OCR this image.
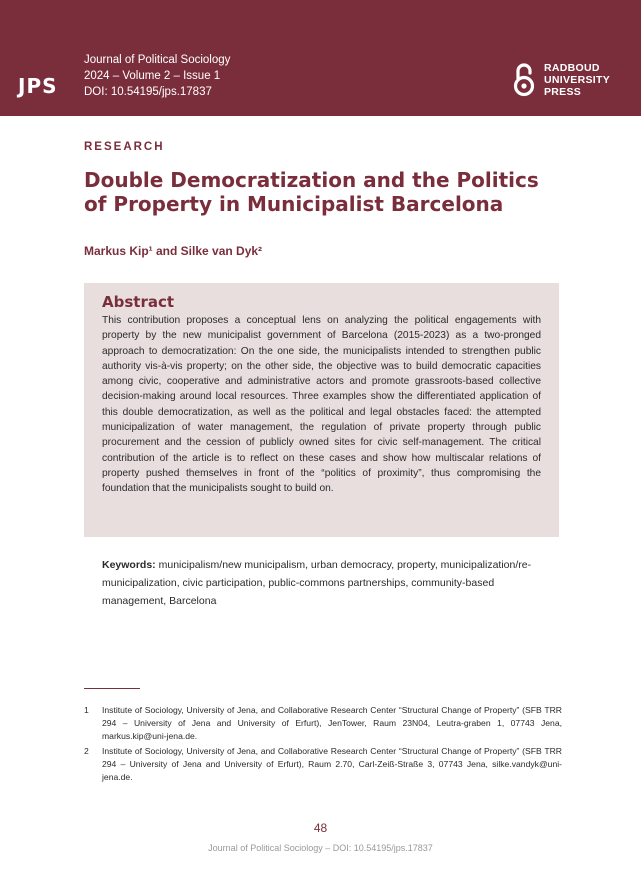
JPS
Journal of Political Sociology
2024 – Volume 2 – Issue 1
DOI: 10.54195/jps.17837
RADBOUD
UNIVERSITY
PRESS
RESEARCH
Double Democratization and the Politics of Property in Municipalist Barcelona
Markus Kip¹ and Silke van Dyk²
Abstract

This contribution proposes a conceptual lens on analyzing the political engagements with property by the new municipalist government of Barcelona (2015-2023) as a two-pronged approach to democratization: On the one side, the municipalists intended to strengthen public authority vis-à-vis property; on the other side, the objective was to build democratic capacities among civic, cooperative and administrative actors and promote grassroots-based collective decision-making around local resources. Three examples show the differentiated application of this double democratization, as well as the political and legal obstacles faced: the attempted municipalization of water management, the regulation of private property through public procurement and the cession of publicly owned sites for civic self-management. The critical contribution of the article is to reflect on these cases and show how multiscalar relations of property pushed themselves in front of the “politics of proximity”, thus compromising the foundation that the municipalists sought to build on.

Keywords: municipalism/new municipalism, urban democracy, property, municipalization/re-municipalization, civic participation, public-commons partnerships, community-based management, Barcelona
1	Institute of Sociology, University of Jena, and Collaborative Research Center “Structural Change of Property” (SFB TRR 294 – University of Jena and University of Erfurt), JenTower, Raum 23N04, Leutra-graben 1, 07743 Jena, markus.kip@uni-jena.de.
2	Institute of Sociology, University of Jena, and Collaborative Research Center “Structural Change of Property” (SFB TRR 294 – University of Jena and University of Erfurt), Raum 2.70, Carl-Zeiß-Straße 3, 07743 Jena, silke.vandyk@uni-jena.de.
48
Journal of Political Sociology – DOI: 10.54195/jps.17837
